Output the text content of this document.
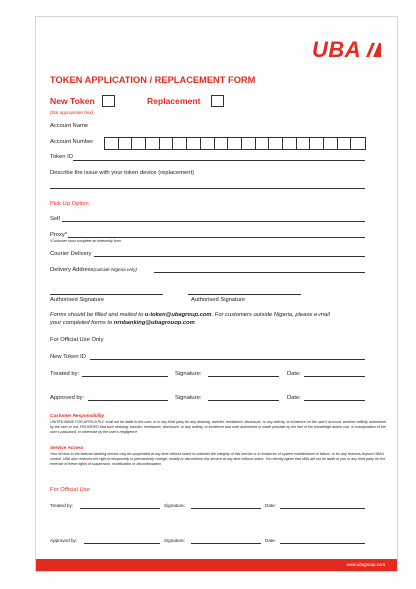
UBA
TOKEN APPLICATION / REPLACEMENT FORM
New Token	Replacement
(tick appropriate box)
Account Name
Account Number
Token ID
Describe the issue with your token device (replacement)
Pick Up Option
Self
Proxy*
*Customer must complete an indemnity form
Courier Delivery
Delivery Address(outside Nigeria only)
Authorised Signature	Authorised Signature
Forms should be filled and mailed to u-token@ubagroup.com. For customers outside Nigeria, please e-mail
your completed forms to nrnbanking@ubagrouop.com
For Official Use Only
New Token ID
Treated by:	Signature:	Date:
Approved by:	Signature:	Date:
Customer Responsibility
UNITED BANK FOR AFRICA PLC shall not be liable to the user, or to any third party for any drawing, transfer, remittance, disclosure, or any activity, or incidence on the user's account, whether willfully authorized by the user or not, PROVIDED that such drawing, transfer, remittance, disclosure, or any activity, or incidence was user authorized or made possible by the fact of the knowledge and/or use, or manipulation of the user's password, or otherwise by the user's negligence
Service Access
Your access to the internet banking service may be suspended at any time without notice to maintain the integrity of this service or in instances of system maintenance or failure, or for any reasons beyond UBA's control. UBA also reserves the right to temporarily or permanently change, modify or discontinue this service at any time without notice. You hereby agree that UBA will not be liable to you or any third party for the exercise of these rights of suspension, modification or discontinuation.
For Official Use
Treated by:	Signature:	Date:
Approved by:	Signature:	Date:
www.ubagroup.com
